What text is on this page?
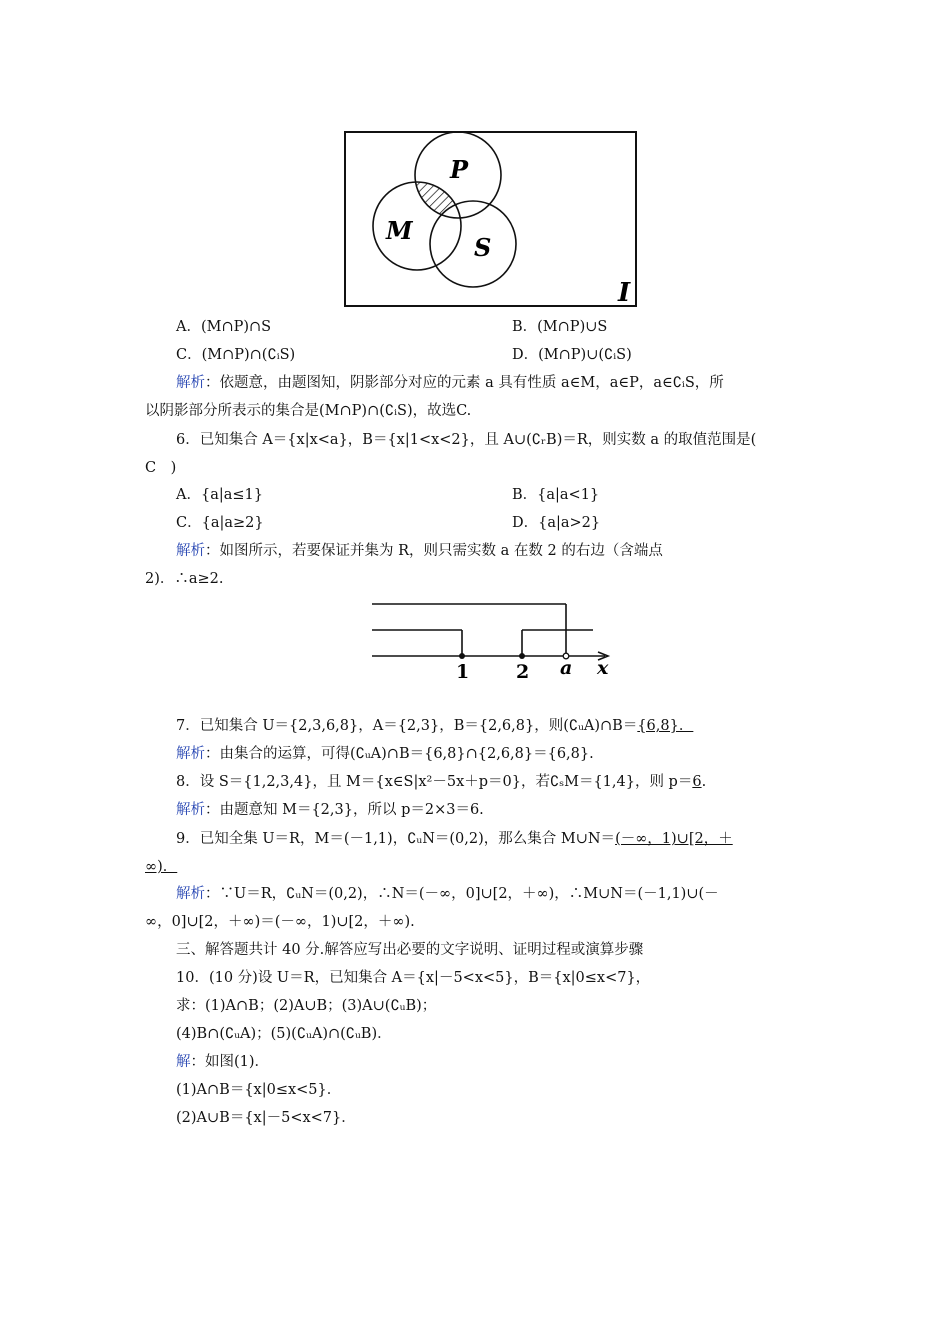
P
M
S
I
A．(M∩P)∩S	B．(M∩P)∪S
C．(M∩P)∩(∁ᵢS)	D．(M∩P)∪(∁ᵢS)
解析：依题意，由题图知，阴影部分对应的元素 a 具有性质 a∈M，a∈P，a∈∁ᵢS，所
以阴影部分所表示的集合是(M∩P)∩(∁ᵢS)，故选C.
6．已知集合 A＝{x|x<a}，B＝{x|1<x<2}，且 A∪(∁ᵣB)＝R，则实数 a 的取值范围是(
C　)
A．{a|a≤1}	B．{a|a<1}
C．{a|a≥2}	D．{a|a>2}
解析：如图所示，若要保证并集为 R，则只需实数 a 在数 2 的右边（含端点
2)．∴a≥2.
1 2 a x
7．已知集合 U＝{2,3,6,8}，A＝{2,3}，B＝{2,6,8}，则(∁ᵤA)∩B＝{6,8}．
解析：由集合的运算，可得(∁ᵤA)∩B＝{6,8}∩{2,6,8}＝{6,8}.
8．设 S＝{1,2,3,4}，且 M＝{x∈S|x²－5x＋p＝0}，若∁ₛM＝{1,4}，则 p＝6.
解析：由题意知 M＝{2,3}，所以 p＝2×3＝6.
9．已知全集 U＝R，M＝(－1,1)，∁ᵤN＝(0,2)，那么集合 M∪N＝(－∞，1)∪[2，＋
∞)．
解析：∵U＝R，∁ᵤN＝(0,2)，∴N＝(－∞，0]∪[2，＋∞)，∴M∪N＝(－1,1)∪(－
∞，0]∪[2，＋∞)＝(－∞，1)∪[2，＋∞).
三、解答题共计 40 分.解答应写出必要的文字说明、证明过程或演算步骤
10．(10 分)设 U＝R，已知集合 A＝{x|－5<x<5}，B＝{x|0≤x<7}，
求：(1)A∩B；(2)A∪B；(3)A∪(∁ᵤB)；
(4)B∩(∁ᵤA)；(5)(∁ᵤA)∩(∁ᵤB)．
解：如图(1)．
(1)A∩B＝{x|0≤x<5}．
(2)A∪B＝{x|－5<x<7}．
